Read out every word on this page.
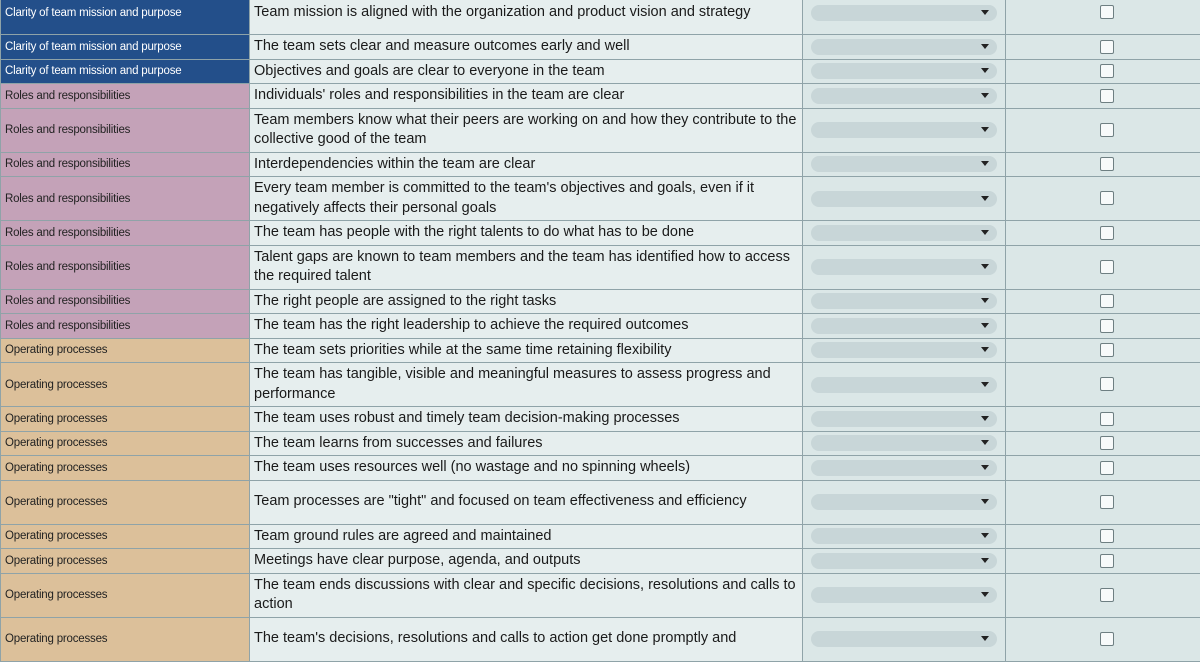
Clarity of team mission and purpose	Team mission is aligned with the organization and product vision and strategy	

Clarity of team mission and purpose	The team sets clear and measure outcomes early and well	

Clarity of team mission and purpose	Objectives and goals are clear to everyone in the team	

Roles and responsibilities	Individuals' roles and responsibilities in the team are clear	

Roles and responsibilities	Team members know what their peers are working on and how they contribute to the collective good of the team	

Roles and responsibilities	Interdependencies within the team are clear	

Roles and responsibilities	Every team member is committed to the team's objectives and goals, even if it negatively affects their personal goals	

Roles and responsibilities	The team has people with the right talents to do what has to be done	

Roles and responsibilities	Talent gaps are known to team members and the team has identified how to access the required talent	

Roles and responsibilities	The right people are assigned to the right tasks	

Roles and responsibilities	The team has the right leadership to achieve the required outcomes	

Operating processes	The team sets priorities while at the same time retaining flexibility	

Operating processes	The team has tangible, visible and meaningful measures to assess progress and performance	

Operating processes	The team uses robust and timely team decision-making processes	

Operating processes	The team learns from successes and failures	

Operating processes	The team uses resources well (no wastage and no spinning wheels)	

Operating processes	Team processes are "tight" and focused on team effectiveness and efficiency	

Operating processes	Team ground rules are agreed and maintained	

Operating processes	Meetings have clear purpose, agenda, and outputs	

Operating processes	The team ends discussions with clear and specific decisions, resolutions and calls to action	

Operating processes	The team's decisions, resolutions and calls to action get done promptly and	
